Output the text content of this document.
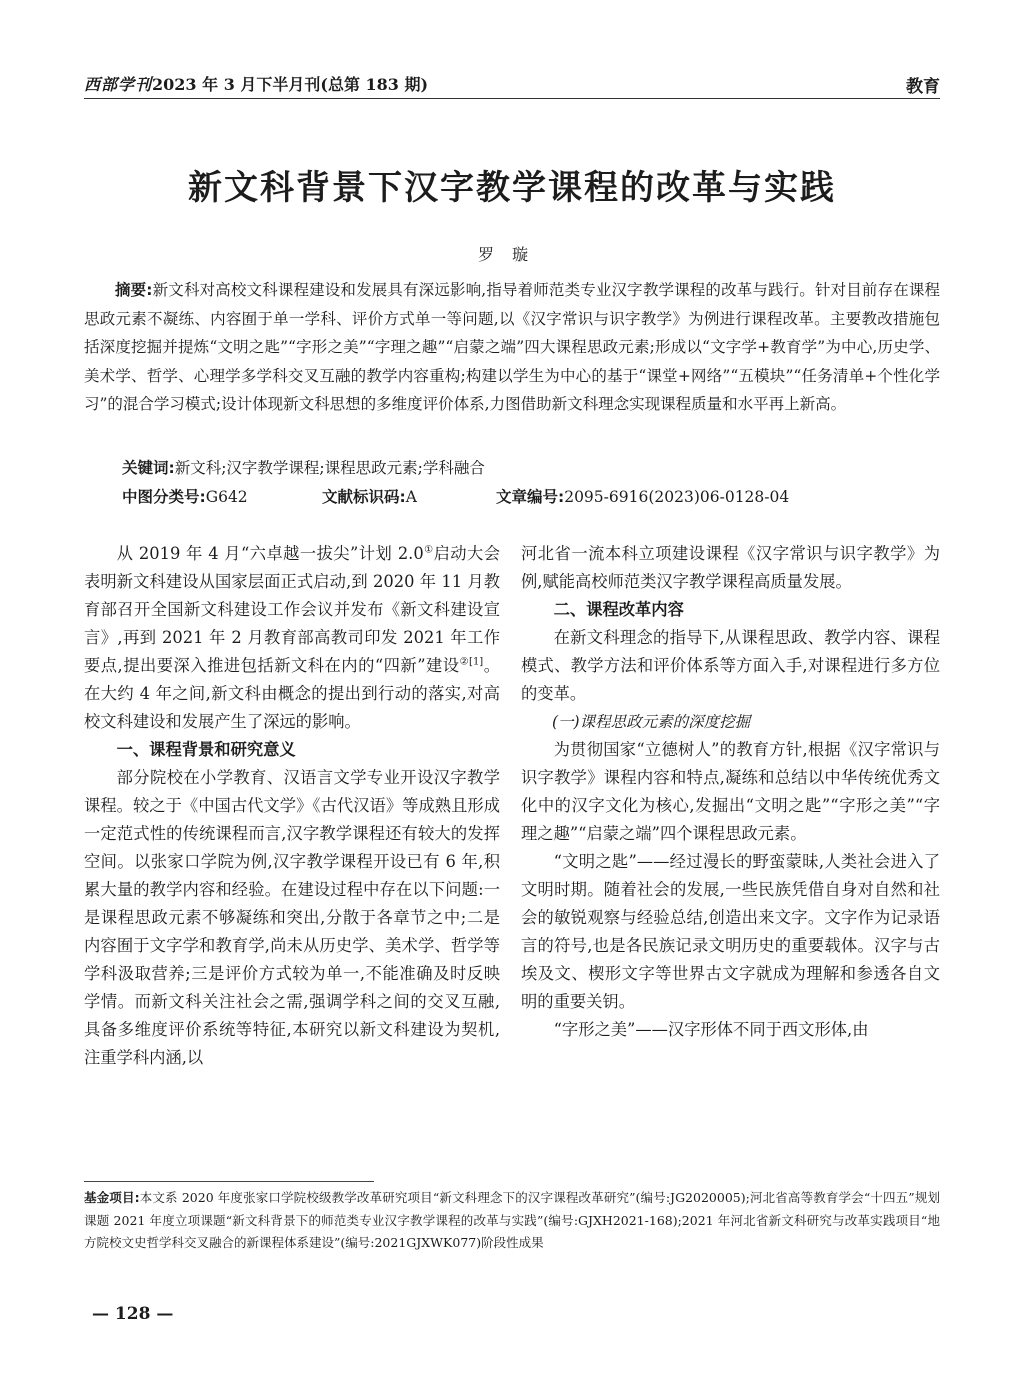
西部学刊2023 年 3 月下半月刊(总第 183 期)	教育
新文科背景下汉字教学课程的改革与实践
罗璇
摘要:新文科对高校文科课程建设和发展具有深远影响,指导着师范类专业汉字教学课程的改革与践行。针对目前存在课程思政元素不凝练、内容囿于单一学科、评价方式单一等问题,以《汉字常识与识字教学》为例进行课程改革。主要教改措施包括深度挖掘并提炼“文明之匙”“字形之美”“字理之趣”“启蒙之端”四大课程思政元素;形成以“文字学+教育学”为中心,历史学、美术学、哲学、心理学多学科交叉互融的教学内容重构;构建以学生为中心的基于“课堂+网络”“五模块”“任务清单+个性化学习”的混合学习模式;设计体现新文科思想的多维度评价体系,力图借助新文科理念实现课程质量和水平再上新高。
关键词:新文科;汉字教学课程;课程思政元素;学科融合
中图分类号:G642	文献标识码:A	文章编号:2095-6916(2023)06-0128-04

从 2019 年 4 月“六卓越一拔尖”计划 2.0①启动大会表明新文科建设从国家层面正式启动,到 2020 年 11 月教育部召开全国新文科建设工作会议并发布《新文科建设宣言》,再到 2021 年 2 月教育部高教司印发 2021 年工作要点,提出要深入推进包括新文科在内的“四新”建设$^{②[1]}$。在大约 4 年之间,新文科由概念的提出到行动的落实,对高校文科建设和发展产生了深远的影响。

一、课程背景和研究意义

部分院校在小学教育、汉语言文学专业开设汉字教学课程。较之于《中国古代文学》《古代汉语》等成熟且形成一定范式性的传统课程而言,汉字教学课程还有较大的发挥空间。以张家口学院为例,汉字教学课程开设已有 6 年,积累大量的教学内容和经验。在建设过程中存在以下问题:一是课程思政元素不够凝练和突出,分散于各章节之中;二是内容囿于文字学和教育学,尚未从历史学、美术学、哲学等学科汲取营养;三是评价方式较为单一,不能准确及时反映学情。而新文科关注社会之需,强调学科之间的交叉互融,具备多维度评价系统等特征,本研究以新文科建设为契机,注重学科内涵,以

河北省一流本科立项建设课程《汉字常识与识字教学》为例,赋能高校师范类汉字教学课程高质量发展。

二、课程改革内容

在新文科理念的指导下,从课程思政、教学内容、课程模式、教学方法和评价体系等方面入手,对课程进行多方位的变革。

(一)课程思政元素的深度挖掘

为贯彻国家“立德树人”的教育方针,根据《汉字常识与识字教学》课程内容和特点,凝练和总结以中华传统优秀文化中的汉字文化为核心,发掘出“文明之匙”“字形之美”“字理之趣”“启蒙之端”四个课程思政元素。

“文明之匙”——经过漫长的野蛮蒙昧,人类社会进入了文明时期。随着社会的发展,一些民族凭借自身对自然和社会的敏锐观察与经验总结,创造出来文字。文字作为记录语言的符号,也是各民族记录文明历史的重要载体。汉字与古埃及文、楔形文字等世界古文字就成为理解和参透各自文明的重要关钥。

“字形之美”——汉字形体不同于西文形体,由

基金项目:本文系 2020 年度张家口学院校级教学改革研究项目“新文科理念下的汉字课程改革研究”(编号:JG2020005);河北省高等教育学会“十四五”规划课题 2021 年度立项课题“新文科背景下的师范类专业汉字教学课程的改革与实践”(编号:GJXH2021-168);2021 年河北省新文科研究与改革实践项目“地方院校文史哲学科交叉融合的新课程体系建设”(编号:2021GJXWK077)阶段性成果
— 128 —
